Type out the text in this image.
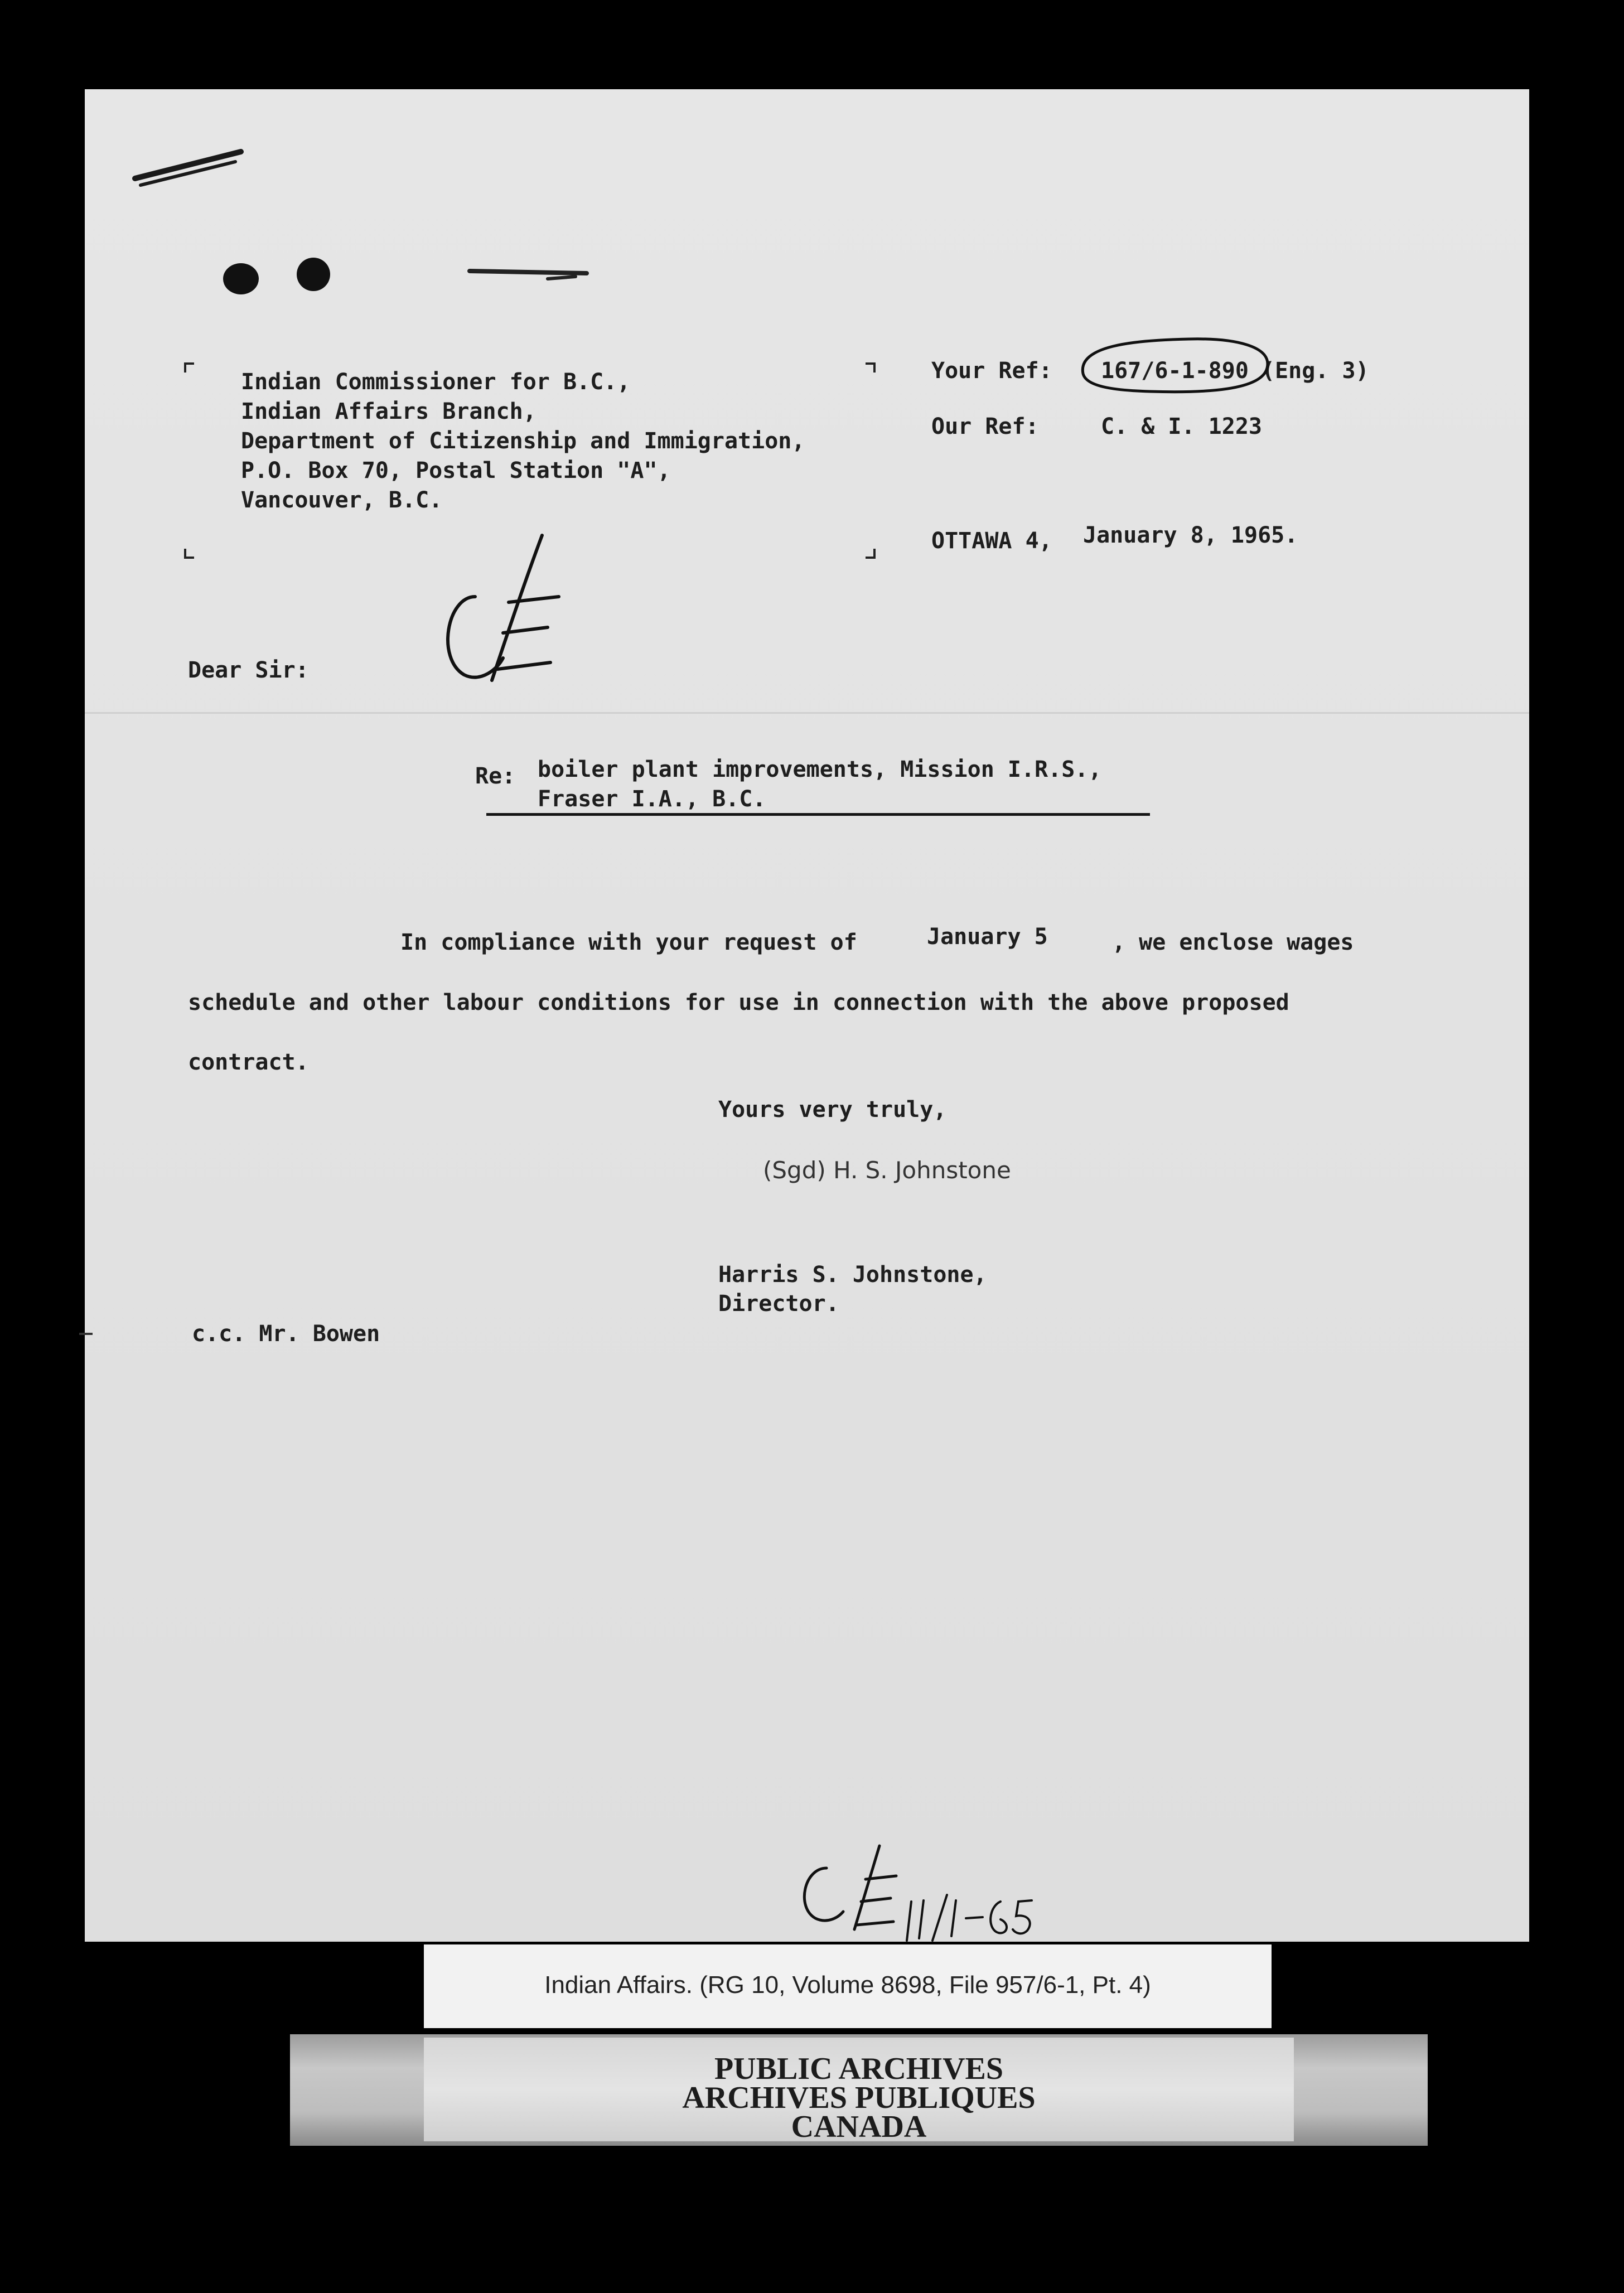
Indian Commissioner for B.C.,
Indian Affairs Branch,
Department of Citizenship and Immigration,
P.O. Box 70, Postal Station "A",
Vancouver, B.C.
Your Ref: 167/6-1-890 (Eng. 3)
Our Ref:	C. & I. 1223
OTTAWA 4, January 8, 1965.
Dear Sir:
Re: boiler plant improvements, Mission I.R.S.,
Fraser I.A., B.C.
In compliance with your request of	January 5	, we enclose wages
schedule and other labour conditions for use in connection with the above proposed
contract.
Yours very truly,
(Sgd) H. S. Johnstone
Harris S. Johnstone,
Director.
c.c. Mr. Bowen
Indian Affairs. (RG 10, Volume 8698, File 957/6-1, Pt. 4)
PUBLIC ARCHIVES
ARCHIVES PUBLIQUES
CANADA
